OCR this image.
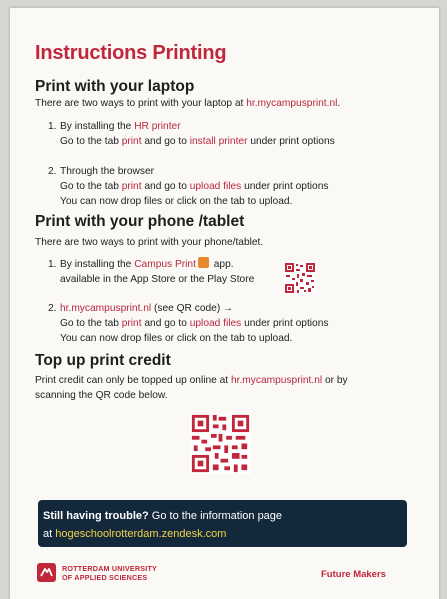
Instructions Printing
Print with your laptop
There are two ways to print with your laptop at hr.mycampusprint.nl.
1. By installing the HR printer
Go to the tab print and go to install printer under print options
2. Through the browser
Go to the tab print and go to upload files under print options
You can now drop files or click on the tab to upload.
Print with your phone /tablet
There are two ways to print with your phone/tablet.
1. By installing the Campus Print app.
available in the App Store or the Play Store
2. hr.mycampusprint.nl (see QR code) →
Go to the tab print and go to upload files under print options
You can now drop files or click on the tab to upload.
Top up print credit
Print credit can only be topped up online at hr.mycampusprint.nl or by
scanning the QR code below.
Still having trouble? Go to the information page
at hogeschoolrotterdam.zendesk.com
ROTTERDAM UNIVERSITY
OF APPLIED SCIENCES	Future Makers
